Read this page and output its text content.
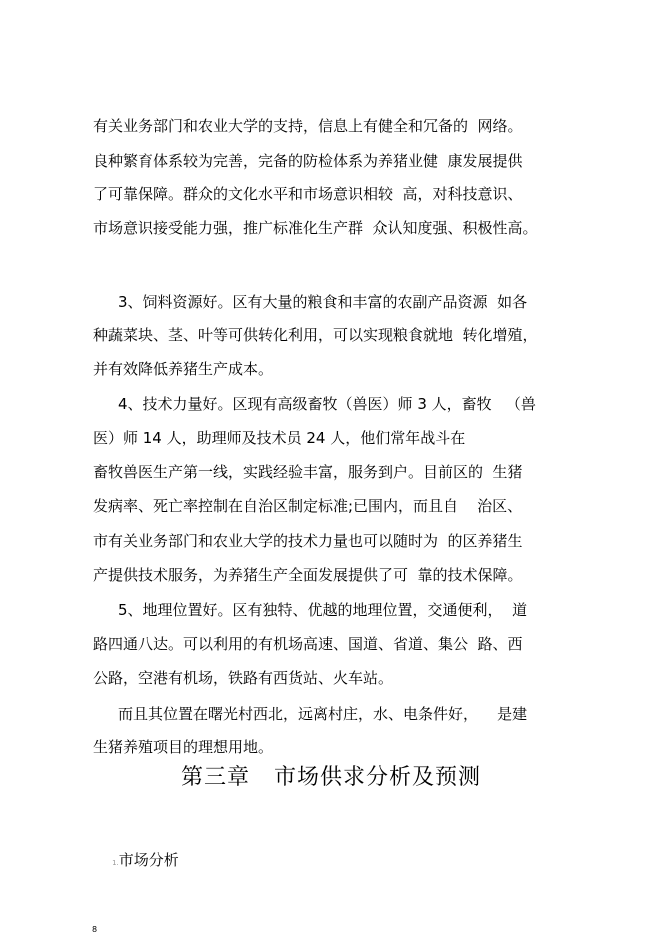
有关业务部门和农业大学的支持，信息上有健全和冗备的  网络。
良种繁育体系较为完善，完备的防检体系为养猪业健  康发展提供
了可靠保障。群众的文化水平和市场意识相较  高，对科技意识、
市场意识接受能力强，推广标准化生产群  众认知度强、积极性高。
3、饲料资源好。区有大量的粮食和丰富的农副产品资源  如各
种蔬菜块、茎、叶等可供转化利用，可以实现粮食就地  转化增殖，
并有效降低养猪生产成本。
4、技术力量好。区现有高级畜牧（兽医）师 3 人，畜牧   （兽
医）师 14 人，助理师及技术员 24 人，他们常年战斗在
畜牧兽医生产第一线，实践经验丰富，服务到户。目前区的  生猪
发病率、死亡率控制在自治区制定标准;已围内，而且自    治区、
市有关业务部门和农业大学的技术力量也可以随时为  的区养猪生
产提供技术服务，为养猪生产全面发展提供了可  靠的技术保障。
5、地理位置好。区有独特、优越的地理位置，交通便利，  道
路四通八达。可以利用的有机场高速、国道、省道、集公  路、西
公路，空港有机场，铁路有西货站、火车站。
而且其位置在曙光村西北，远离村庄，水、电条件好，    是建
生猪养殖项目的理想用地。
第三章   市场供求分析及预测

1.市场分析

8
